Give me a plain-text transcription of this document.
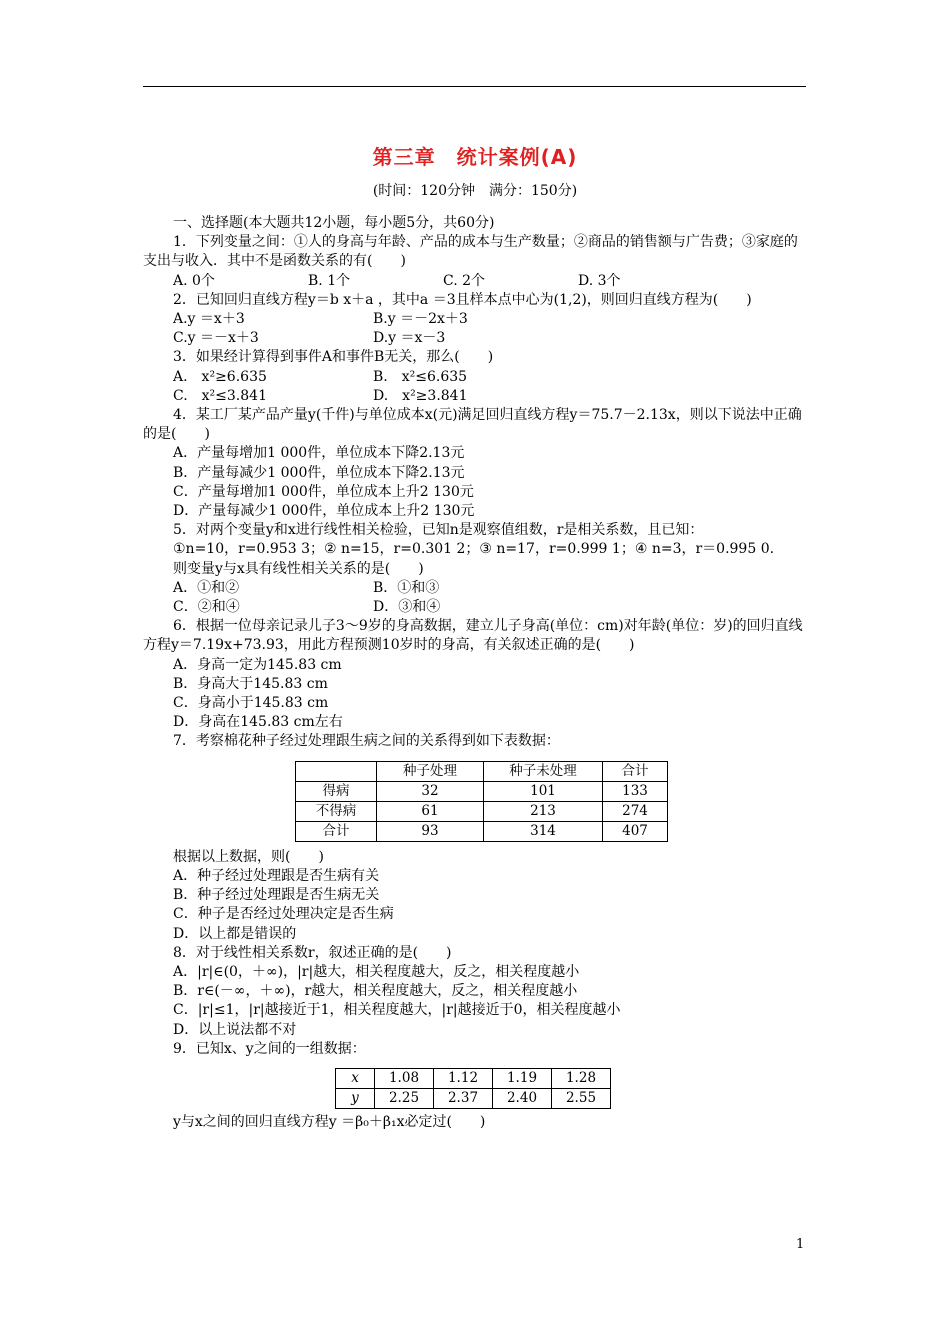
第三章　统计案例(A)
(时间：120分钟　满分：150分)
一、选择题(本大题共12小题，每小题5分，共60分)
1．下列变量之间：①人的身高与年龄、产品的成本与生产数量；②商品的销售额与广告费；③家庭的支出与收入．其中不是函数关系的有(　　)
A. 0个	B. 1个	C. 2个	D. 3个
2．已知回归直线方程y＝b x＋a ，其中a ＝3且样本点中心为(1,2)，则回归直线方程为(　　)
A.y ＝x＋3	B.y ＝－2x＋3
C.y ＝－x＋3	D.y ＝x－3
3．如果经计算得到事件A和事件B无关，那么(　　)
A.　x²≥6.635	B.　x²≤6.635
C.　x²≤3.841	D.　x²≥3.841
4．某工厂某产品产量y(千件)与单位成本x(元)满足回归直线方程y＝75.7－2.13x，则以下说法中正确的是(　　)
A．产量每增加1 000件，单位成本下降2.13元
B．产量每减少1 000件，单位成本下降2.13元
C．产量每增加1 000件，单位成本上升2 130元
D．产量每减少1 000件，单位成本上升2 130元
5．对两个变量y和x进行线性相关检验，已知n是观察值组数，r是相关系数，且已知：
①n=10，r=0.953 3；② n=15，r=0.301 2；③ n=17，r=0.999 1；④ n=3，r＝0.995 0.
则变量y与x具有线性相关关系的是(　　)
A．①和②	B．①和③
C．②和④	D．③和④
6．根据一位母亲记录儿子3～9岁的身高数据，建立儿子身高(单位：cm)对年龄(单位：岁)的回归直线方程y＝7.19x+73.93，用此方程预测10岁时的身高，有关叙述正确的是(　　)
A．身高一定为145.83 cm
B．身高大于145.83 cm
C．身高小于145.83 cm
D．身高在145.83 cm左右
7．考察棉花种子经过处理跟生病之间的关系得到如下表数据：
	种子处理	种子未处理	合计
得病	32	101	133
不得病	61	213	274
合计	93	314	407
根据以上数据，则(　　)
A．种子经过处理跟是否生病有关
B．种子经过处理跟是否生病无关
C．种子是否经过处理决定是否生病
D．以上都是错误的
8．对于线性相关系数r，叙述正确的是(　　)
A．|r|∈(0，＋∞)，|r|越大，相关程度越大，反之，相关程度越小
B．r∈(－∞，＋∞)，r越大，相关程度越大，反之，相关程度越小
C．|r|≤1，|r|越接近于1，相关程度越大，|r|越接近于0，相关程度越小
D．以上说法都不对
9．已知x、y之间的一组数据：
x	1.08	1.12	1.19	1.28
y	2.25	2.37	2.40	2.55
y与x之间的回归直线方程y ＝β₀＋β₁x必定过(　　)
1
